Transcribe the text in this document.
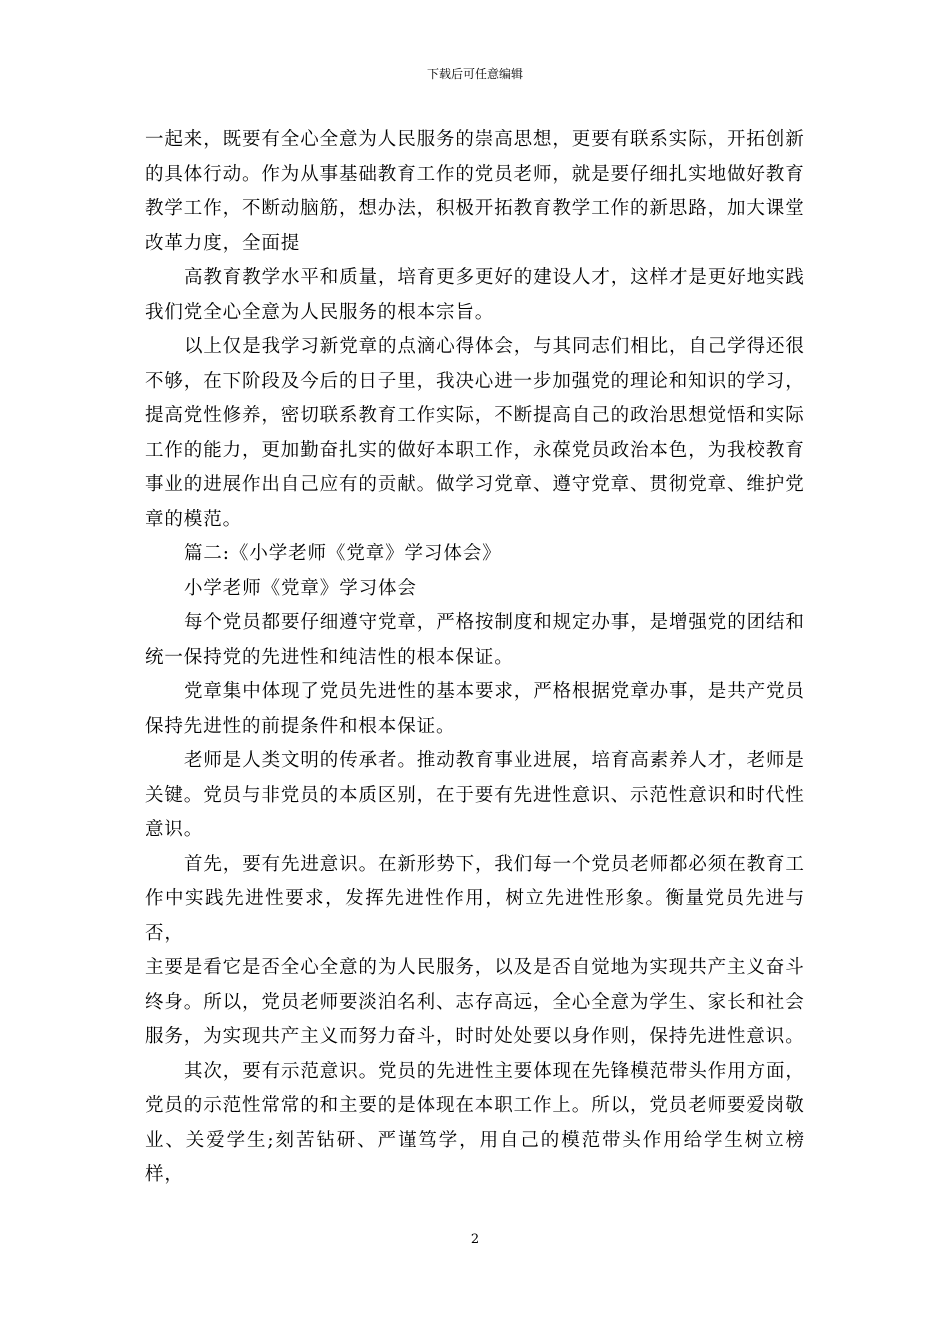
下载后可任意编辑

一起来，既要有全心全意为人民服务的崇高思想，更要有联系实际，开拓创新
的具体行动。作为从事基础教育工作的党员老师，就是要仔细扎实地做好教育
教学工作，不断动脑筋，想办法，积极开拓教育教学工作的新思路，加大课堂
改革力度，全面提

高教育教学水平和质量，培育更多更好的建设人才，这样才是更好地实践
我们党全心全意为人民服务的根本宗旨。

以上仅是我学习新党章的点滴心得体会，与其同志们相比，自己学得还很
不够，在下阶段及今后的日子里，我决心进一步加强党的理论和知识的学习，
提高党性修养，密切联系教育工作实际，不断提高自己的政治思想觉悟和实际
工作的能力，更加勤奋扎实的做好本职工作，永葆党员政治本色，为我校教育
事业的进展作出自己应有的贡献。做学习党章、遵守党章、贯彻党章、维护党
章的模范。

篇二:《小学老师《党章》学习体会》

小学老师《党章》学习体会

每个党员都要仔细遵守党章，严格按制度和规定办事，是增强党的团结和
统一保持党的先进性和纯洁性的根本保证。

党章集中体现了党员先进性的基本要求，严格根据党章办事，是共产党员
保持先进性的前提条件和根本保证。

老师是人类文明的传承者。推动教育事业进展，培育高素养人才，老师是
关键。党员与非党员的本质区别，在于要有先进性意识、示范性意识和时代性
意识。

首先，要有先进意识。在新形势下，我们每一个党员老师都必须在教育工
作中实践先进性要求，发挥先进性作用，树立先进性形象。衡量党员先进与否，
主要是看它是否全心全意的为人民服务，以及是否自觉地为实现共产主义奋斗
终身。所以，党员老师要淡泊名利、志存高远，全心全意为学生、家长和社会
服务，为实现共产主义而努力奋斗，时时处处要以身作则，保持先进性意识。

其次，要有示范意识。党员的先进性主要体现在先锋模范带头作用方面，
党员的示范性常常的和主要的是体现在本职工作上。所以，党员老师要爱岗敬
业、关爱学生;刻苦钻研、严谨笃学，用自己的模范带头作用给学生树立榜样，

2
